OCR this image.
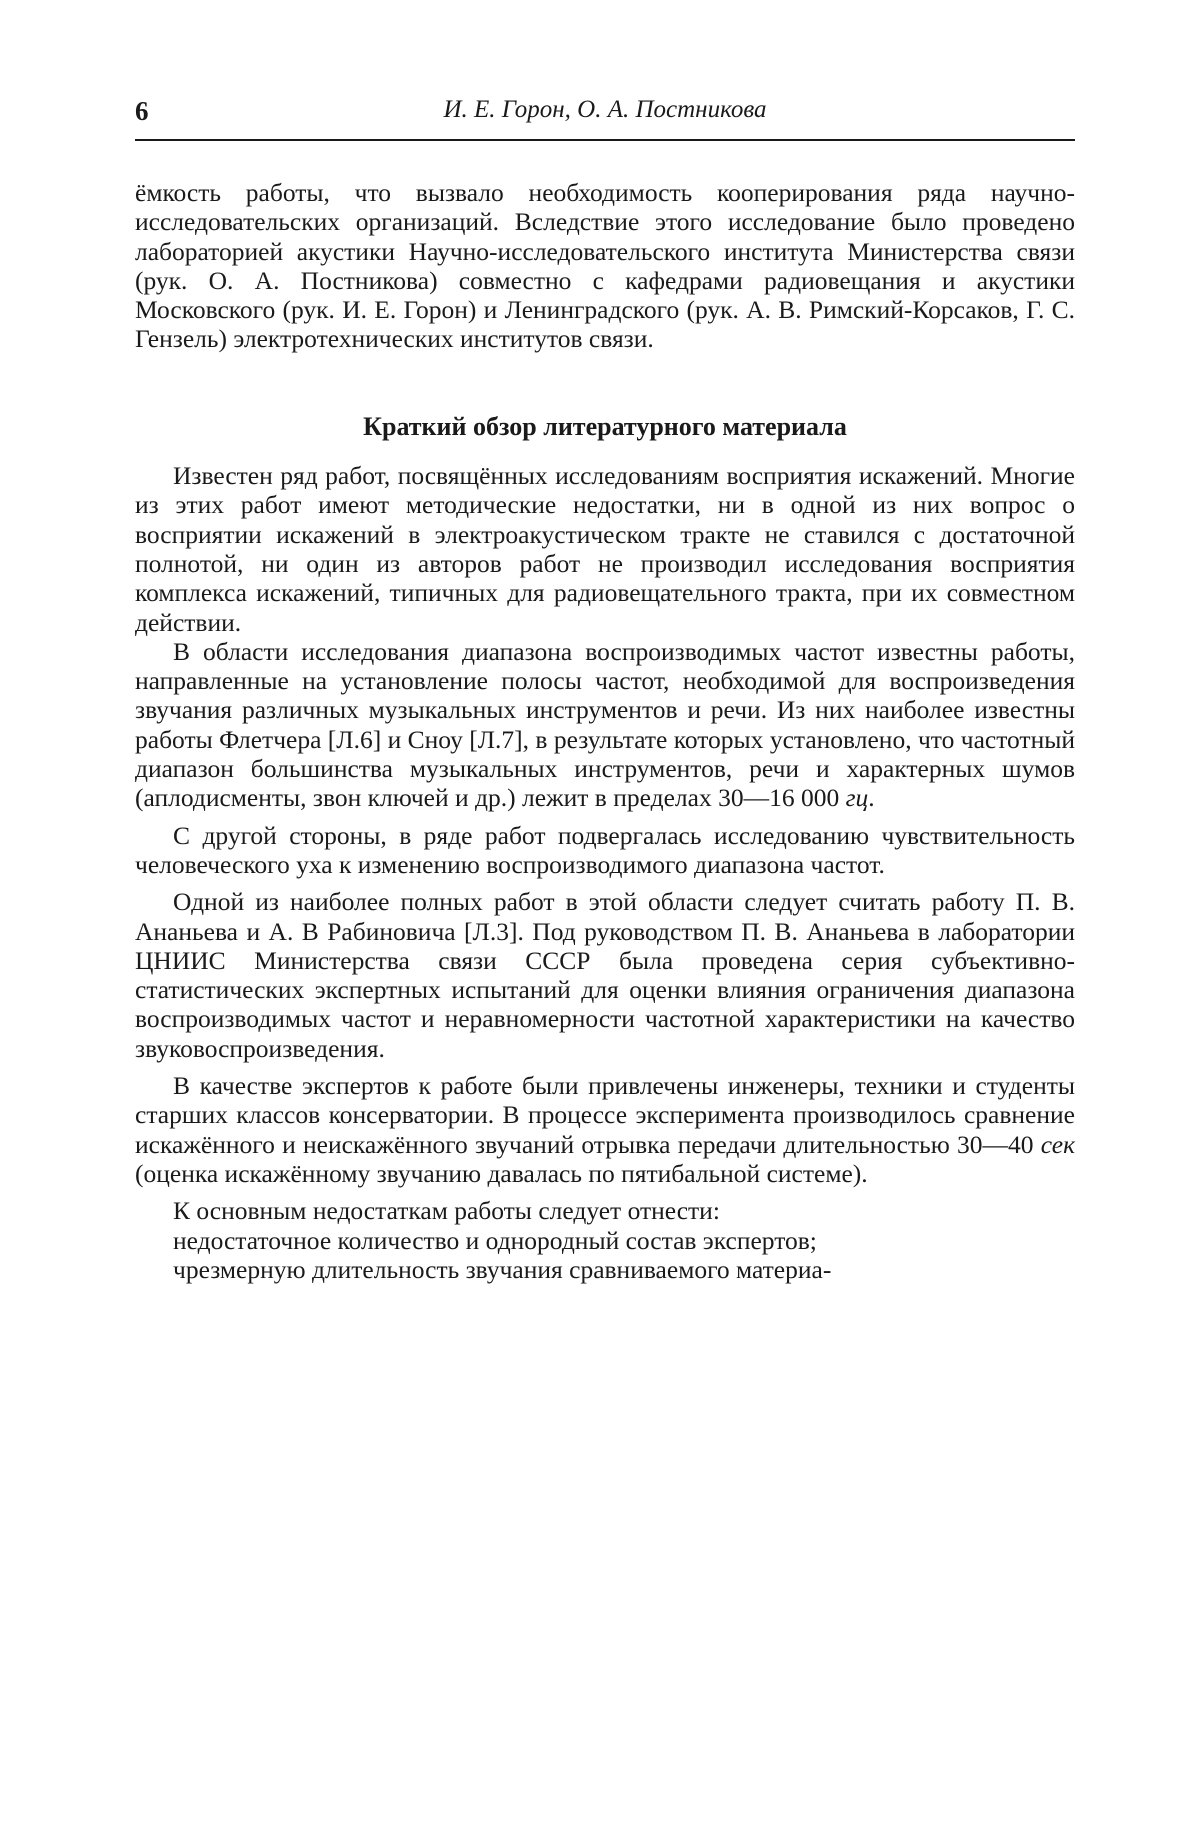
6	И. Е. Горон, О. А. Постникова

ёмкость работы, что вызвало необходимость кооперирования ряда научно-исследовательских организаций. Вследствие этого исследование было проведено лабораторией акустики Научно-исследовательского института Министерства связи (рук. О. А. Постникова) совместно с кафедрами радиовещания и акустики Московского (рук. И. Е. Горон) и Ленинградского (рук. А. В. Римский-Корсаков, Г. С. Гензель) электротехнических институтов связи.

Краткий обзор литературного материала

Известен ряд работ, посвящённых исследованиям восприятия искажений. Многие из этих работ имеют методические недостатки, ни в одной из них вопрос о восприятии искажений в электроакустическом тракте не ставился с достаточной полнотой, ни один из авторов работ не производил исследования восприятия комплекса искажений, типичных для радиовещательного тракта, при их совместном действии.

В области исследования диапазона воспроизводимых частот известны работы, направленные на установление полосы частот, необходимой для воспроизведения звучания различных музыкальных инструментов и речи. Из них наиболее известны работы Флетчера [Л.6] и Сноу [Л.7], в результате которых установлено, что частотный диапазон большинства музыкальных инструментов, речи и характерных шумов (аплодисменты, звон ключей и др.) лежит в пределах 30—16 000 гц.

С другой стороны, в ряде работ подвергалась исследованию чувствительность человеческого уха к изменению воспроизводимого диапазона частот.

Одной из наиболее полных работ в этой области следует считать работу П. В. Ананьева и А. В Рабиновича [Л.3]. Под руководством П. В. Ананьева в лаборатории ЦНИИС Министерства связи СССР была проведена серия субъективно-статистических экспертных испытаний для оценки влияния ограничения диапазона воспроизводимых частот и неравномерности частотной характеристики на качество звуковоспроизведения.

В качестве экспертов к работе были привлечены инженеры, техники и студенты старших классов консерватории. В процессе эксперимента производилось сравнение искажённого и неискажённого звучаний отрывка передачи длительностью 30—40 сек (оценка искажённому звучанию давалась по пятибальной системе).

К основным недостаткам работы следует отнести:

недостаточное количество и однородный состав экспертов;

чрезмерную длительность звучания сравниваемого материа-
